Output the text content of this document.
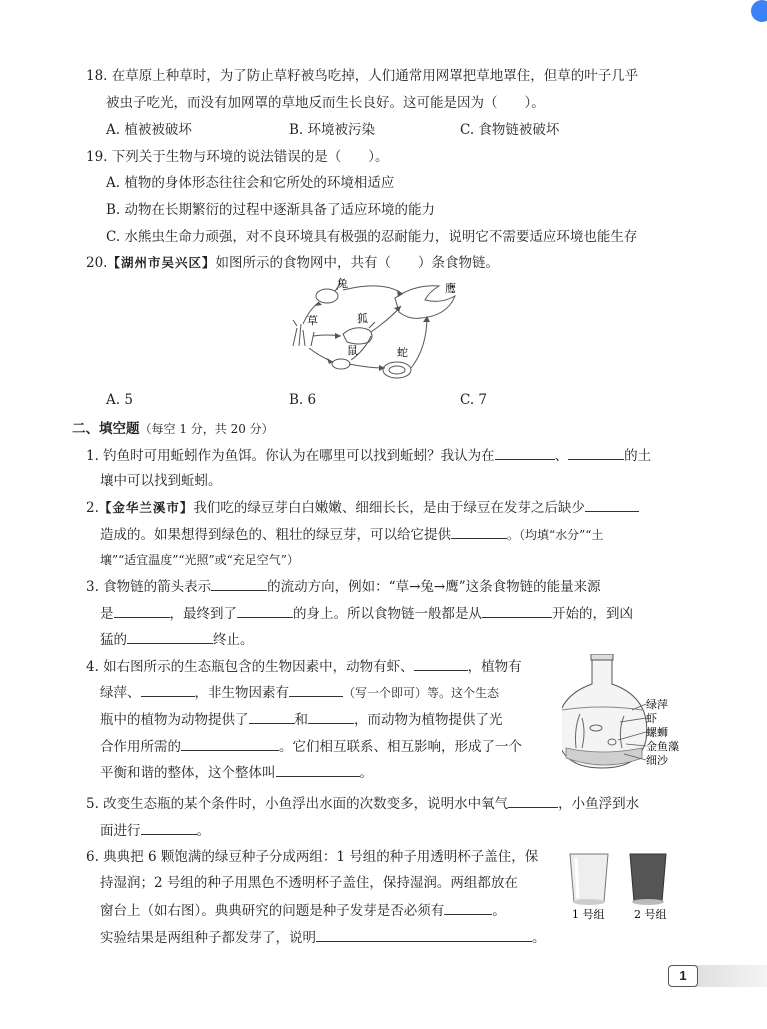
18. 在草原上种草时，为了防止草籽被鸟吃掉，人们通常用网罩把草地罩住，但草的叶子几乎
被虫子吃光，而没有加网罩的草地反而生长良好。这可能是因为（　　）。
A. 植被被破坏	B. 环境被污染	C. 食物链被破坏
19. 下列关于生物与环境的说法错误的是（　　）。
A. 植物的身体形态往往会和它所处的环境相适应
B. 动物在长期繁衍的过程中逐渐具备了适应环境的能力
C. 水熊虫生命力顽强，对不良环境具有极强的忍耐能力，说明它不需要适应环境也能生存
20.【湖州市吴兴区】如图所示的食物网中，共有（　　）条食物链。
兔	鹰
草	狐
鼠	蛇
A. 5	B. 6	C. 7
二、填空题（每空 1 分，共 20 分）
1. 钓鱼时可用蚯蚓作为鱼饵。你认为在哪里可以找到蚯蚓？我认为在	、	的土
壤中可以找到蚯蚓。
2.【金华兰溪市】我们吃的绿豆芽白白嫩嫩、细细长长，是由于绿豆在发芽之后缺少
造成的。如果想得到绿色的、粗壮的绿豆芽，可以给它提供	。（均填“水分”“土
壤”“适宜温度”“光照”或“充足空气”）
3. 食物链的箭头表示	的流动方向，例如：“草→兔→鹰”这条食物链的能量来源
是	，最终到了	的身上。所以食物链一般都是从	开始的，到凶
猛的	终止。
4. 如右图所示的生态瓶包含的生物因素中，动物有虾、	，植物有
绿萍、	，非生物因素有	（写一个即可）等。这个生态
瓶中的植物为动物提供了	和	，而动物为植物提供了光
合作用所需的	。它们相互联系、相互影响，形成了一个
平衡和谐的整体，这个整体叫	。
绿萍
虾
螺蛳
金鱼藻
细沙
5. 改变生态瓶的某个条件时，小鱼浮出水面的次数变多，说明水中氧气	，小鱼浮到水
面进行	。
6. 典典把 6 颗饱满的绿豆种子分成两组：1 号组的种子用透明杯子盖住，保
持湿润；2 号组的种子用黑色不透明杯子盖住，保持湿润。两组都放在
窗台上（如右图）。典典研究的问题是种子发芽是否必须有	。
实验结果是两组种子都发芽了，说明	。
1 号组	2 号组
1
